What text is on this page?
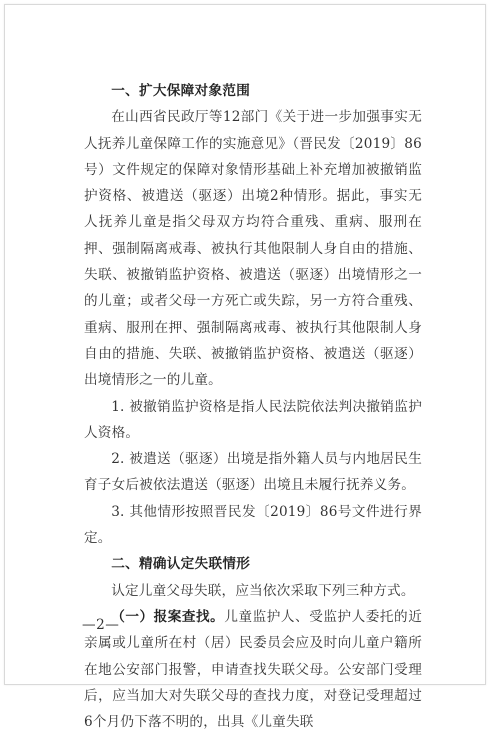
一、扩大保障对象范围

在山西省民政厅等12部门《关于进一步加强事实无人抚养儿童保障工作的实施意见》（晋民发〔2019〕86号）文件规定的保障对象情形基础上补充增加被撤销监护资格、被遣送（驱逐）出境2种情形。据此，事实无人抚养儿童是指父母双方均符合重残、重病、服刑在押、强制隔离戒毒、被执行其他限制人身自由的措施、失联、被撤销监护资格、被遣送（驱逐）出境情形之一的儿童；或者父母一方死亡或失踪，另一方符合重残、重病、服刑在押、强制隔离戒毒、被执行其他限制人身自由的措施、失联、被撤销监护资格、被遣送（驱逐）出境情形之一的儿童。

1. 被撤销监护资格是指人民法院依法判决撤销监护人资格。

2. 被遣送（驱逐）出境是指外籍人员与内地居民生育子女后被依法遣送（驱逐）出境且未履行抚养义务。

3. 其他情形按照晋民发〔2019〕86号文件进行界定。

二、精确认定失联情形

认定儿童父母失联，应当依次采取下列三种方式。

（一）报案查找。儿童监护人、受监护人委托的近亲属或儿童所在村（居）民委员会应及时向儿童户籍所在地公安部门报警，申请查找失联父母。公安部门受理后，应当加大对失联父母的查找力度，对登记受理超过6个月仍下落不明的，出具《儿童失联

—2—
